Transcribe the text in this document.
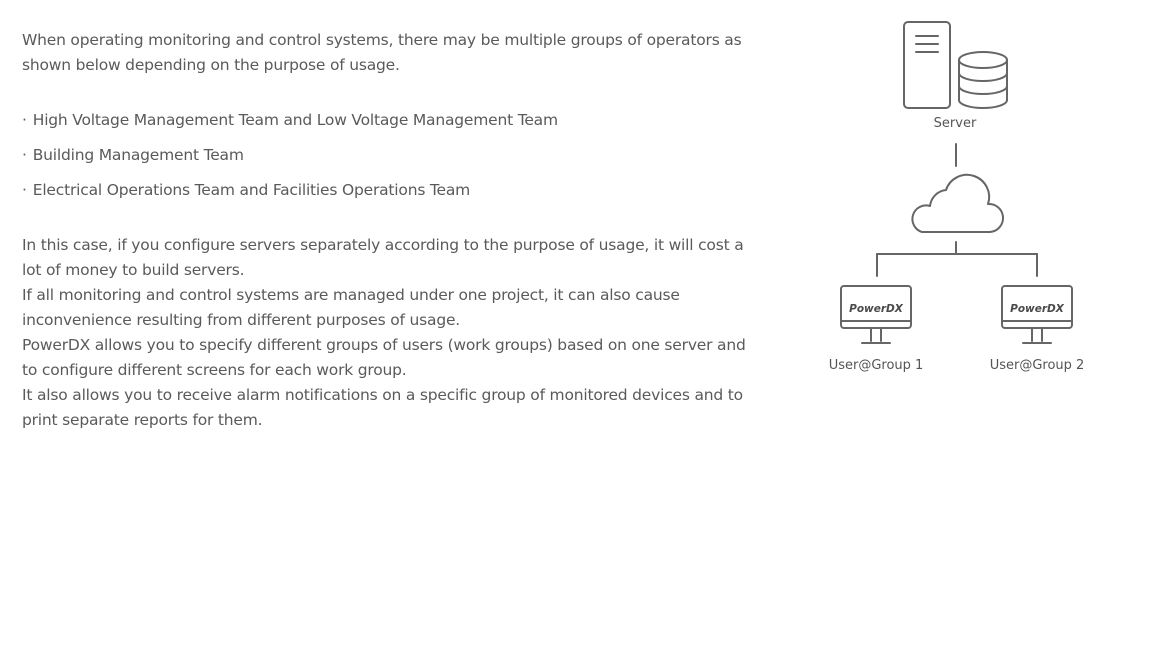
When operating monitoring and control systems, there may be multiple groups of operators as shown below depending on the purpose of usage.

· High Voltage Management Team and Low Voltage Management Team
· Building Management Team
· Electrical Operations Team and Facilities Operations Team

In this case, if you configure servers separately according to the purpose of usage, it will cost a lot of money to build servers.

If all monitoring and control systems are managed under one project, it can also cause inconvenience resulting from different purposes of usage.

PowerDX allows you to specify different groups of users (work groups) based on one server and to configure different screens for each work group.

It also allows you to receive alarm notifications on a specific group of monitored devices and to print separate reports for them.

PowerDX	PowerDX
Server
User@Group 1	User@Group 2
